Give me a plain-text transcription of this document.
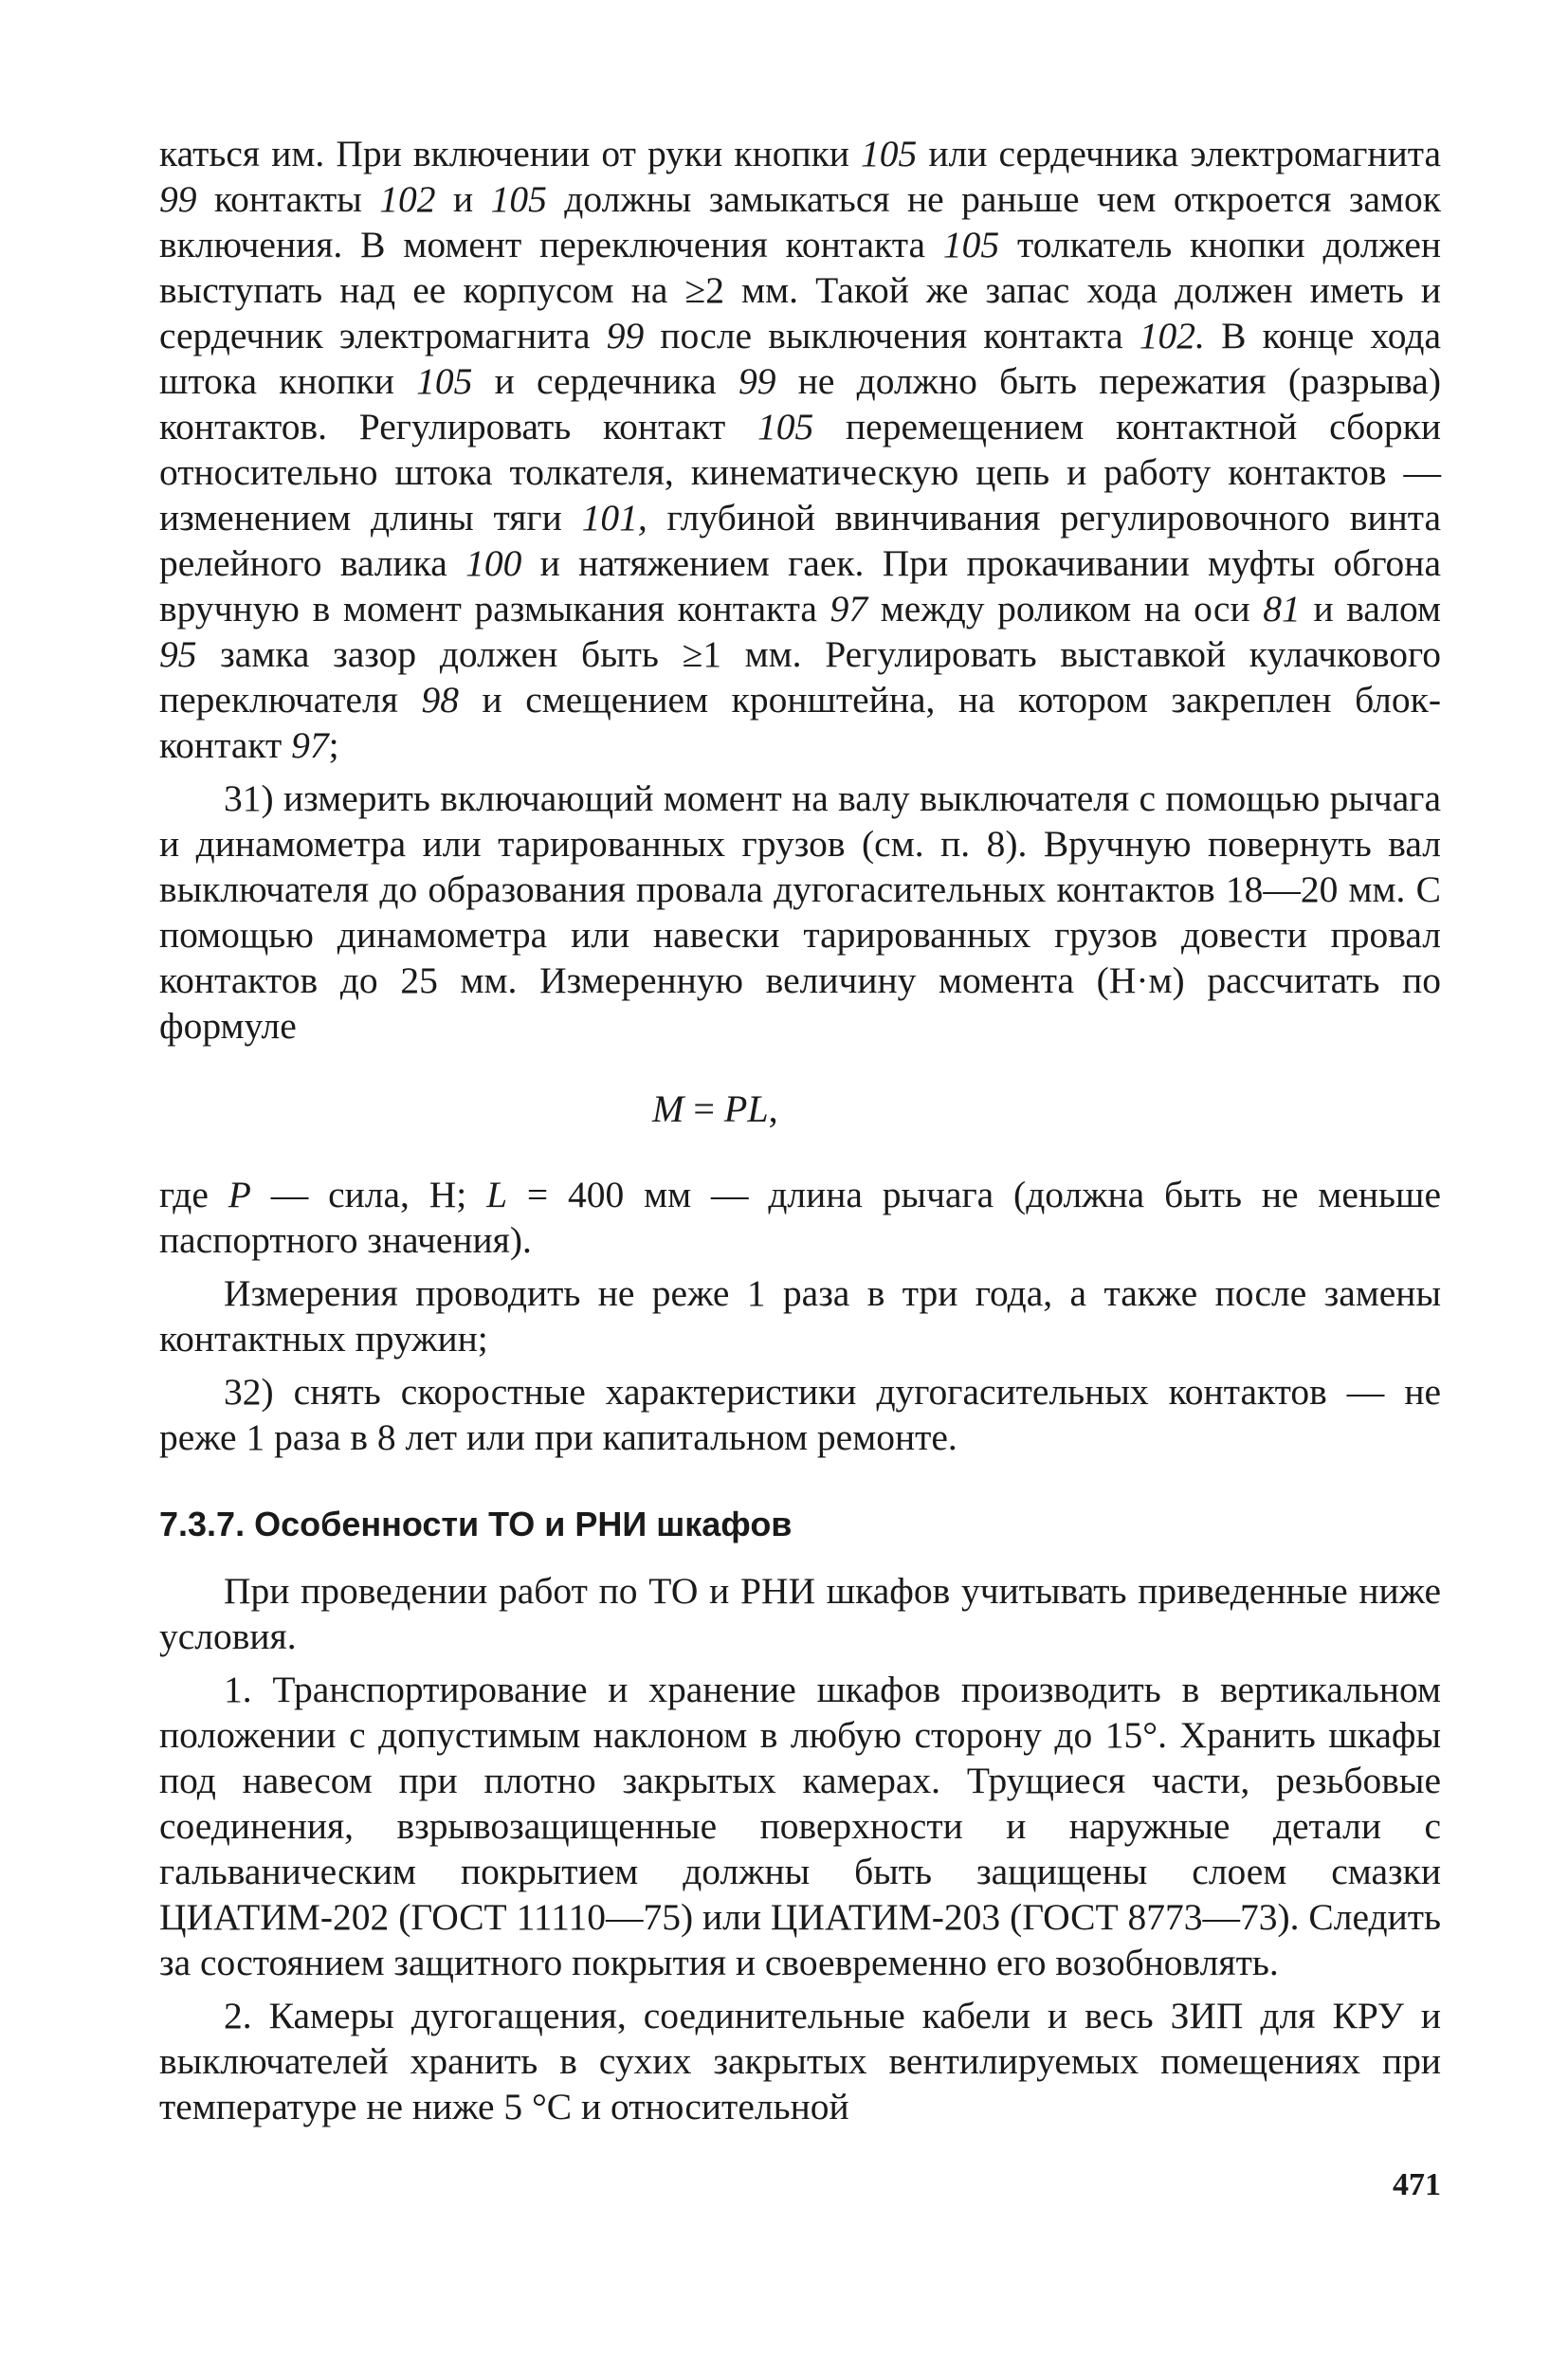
каться им. При включении от руки кнопки 105 или сердечника электромагнита 99 контакты 102 и 105 должны замыкаться не раньше чем откроется замок включения. В момент переключения контакта 105 толкатель кнопки должен выступать над ее корпусом на ≥2 мм. Такой же запас хода должен иметь и сердечник электромагнита 99 после выключения контакта 102. В конце хода штока кнопки 105 и сердечника 99 не должно быть пережатия (разрыва) контактов. Регулировать контакт 105 перемещением контактной сборки относительно штока толкателя, кинематическую цепь и работу контактов — изменением длины тяги 101, глубиной ввинчивания регулировочного винта релейного валика 100 и натяжением гаек. При прокачивании муфты обгона вручную в момент размыкания контакта 97 между роликом на оси 81 и валом 95 замка зазор должен быть ≥1 мм. Регулировать выставкой кулачкового переключателя 98 и смещением кронштейна, на котором закреплен блок-контакт 97;

31) измерить включающий момент на валу выключателя с помощью рычага и динамометра или тарированных грузов (см. п. 8). Вручную повернуть вал выключателя до образования провала дугогасительных контактов 18—20 мм. С помощью динамометра или навески тарированных грузов довести провал контактов до 25 мм. Измеренную величину момента (Н·м) рассчитать по формуле

M = PL,

где P — сила, Н; L = 400 мм — длина рычага (должна быть не меньше паспортного значения).

Измерения проводить не реже 1 раза в три года, а также после замены контактных пружин;

32) снять скоростные характеристики дугогасительных контактов — не реже 1 раза в 8 лет или при капитальном ремонте.

7.3.7. Особенности ТО и РНИ шкафов

При проведении работ по ТО и РНИ шкафов учитывать приведенные ниже условия.

1. Транспортирование и хранение шкафов производить в вертикальном положении с допустимым наклоном в любую сторону до 15°. Хранить шкафы под навесом при плотно закрытых камерах. Трущиеся части, резьбовые соединения, взрывозащищенные поверхности и наружные детали с гальваническим покрытием должны быть защищены слоем смазки ЦИАТИМ-202 (ГОСТ 11110—75) или ЦИАТИМ-203 (ГОСТ 8773—73). Следить за состоянием защитного покрытия и своевременно его возобновлять.

2. Камеры дугогащения, соединительные кабели и весь ЗИП для КРУ и выключателей хранить в сухих закрытых вентилируемых помещениях при температуре не ниже 5 °С и относительной

471
